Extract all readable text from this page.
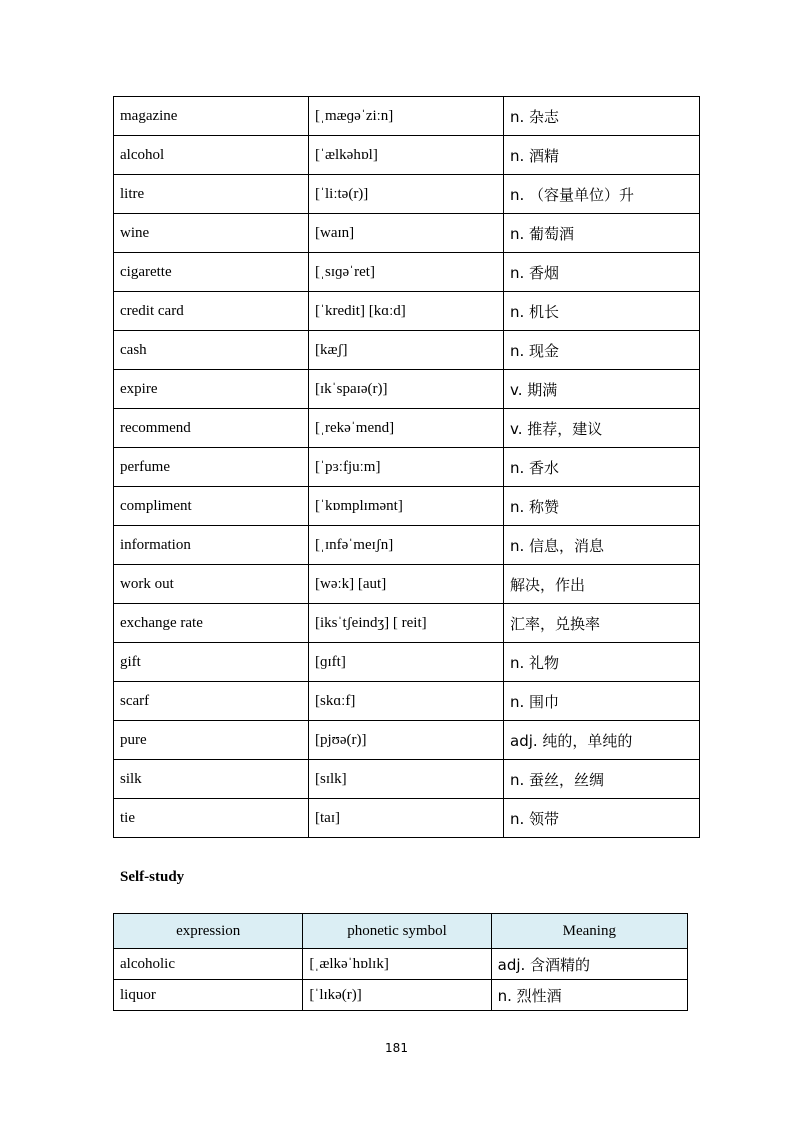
magazine	[ˌmæɡəˈziːn]	n. 杂志
alcohol	[ˈælkəhɒl]	n. 酒精
litre	[ˈliːtə(r)]	n. （容量单位）升
wine	[waɪn]	n. 葡萄酒
cigarette	[ˌsɪɡəˈret]	n. 香烟
credit card	[ˈkredit] [kɑːd]	n. 机长
cash	[kæʃ]	n. 现金
expire	[ɪkˈspaɪə(r)]	v. 期满
recommend	[ˌrekəˈmend]	v. 推荐，建议
perfume	[ˈpɜːfjuːm]	n. 香水
compliment	[ˈkɒmplɪmənt]	n. 称赞
information	[ˌɪnfəˈmeɪʃn]	n. 信息，消息
work out	[wəːk] [aut]	解决，作出
exchange rate	[iksˈtʃeindʒ] [ reit]	汇率，兑换率
gift	[ɡɪft]	n. 礼物
scarf	[skɑːf]	n. 围巾
pure	[pjʊə(r)]	adj. 纯的，单纯的
silk	[sɪlk]	n. 蚕丝，丝绸
tie	[taɪ]	n. 领带
Self-study
expression	phonetic symbol	Meaning
alcoholic	[ˌælkəˈhɒlɪk]	adj. 含酒精的
liquor	[ˈlɪkə(r)]	n. 烈性酒
181
